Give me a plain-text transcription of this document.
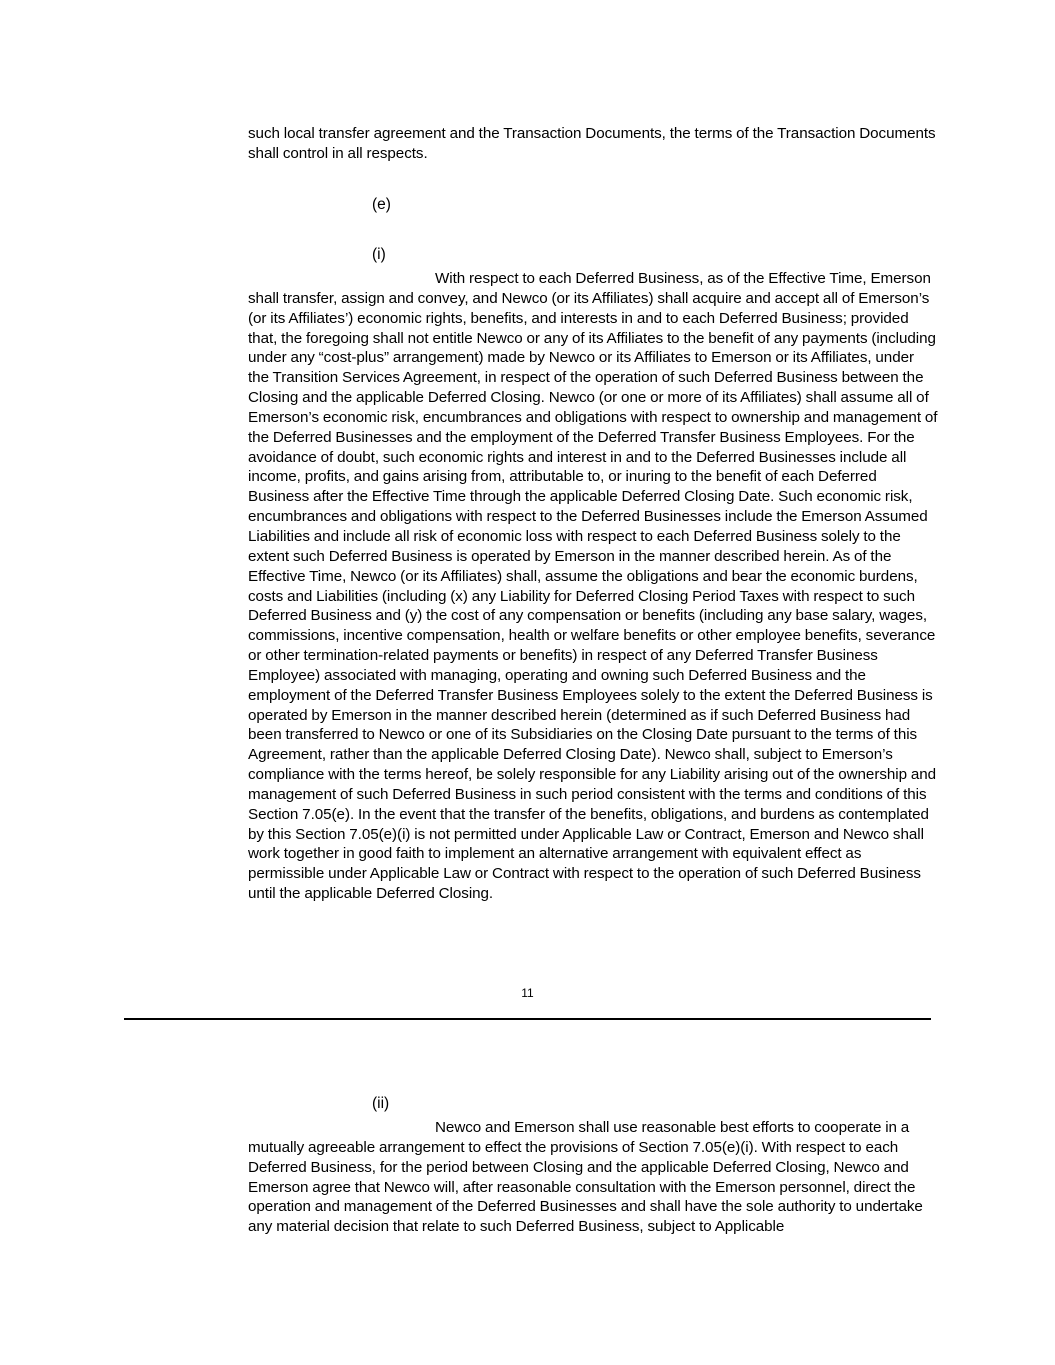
such local transfer agreement and the Transaction Documents, the terms of the Transaction Documents shall control in all respects.

(e)

(i)

With respect to each Deferred Business, as of the Effective Time, Emerson shall transfer, assign and convey, and Newco (or its Affiliates) shall acquire and accept all of Emerson’s (or its Affiliates’) economic rights, benefits, and interests in and to each Deferred Business; provided that, the foregoing shall not entitle Newco or any of its Affiliates to the benefit of any payments (including under any “cost-plus” arrangement) made by Newco or its Affiliates to Emerson or its Affiliates, under the Transition Services Agreement, in respect of the operation of such Deferred Business between the Closing and the applicable Deferred Closing. Newco (or one or more of its Affiliates) shall assume all of Emerson’s economic risk, encumbrances and obligations with respect to ownership and management of the Deferred Businesses and the employment of the Deferred Transfer Business Employees. For the avoidance of doubt, such economic rights and interest in and to the Deferred Businesses include all income, profits, and gains arising from, attributable to, or inuring to the benefit of each Deferred Business after the Effective Time through the applicable Deferred Closing Date. Such economic risk, encumbrances and obligations with respect to the Deferred Businesses include the Emerson Assumed Liabilities and include all risk of economic loss with respect to each Deferred Business solely to the extent such Deferred Business is operated by Emerson in the manner described herein. As of the Effective Time, Newco (or its Affiliates) shall, assume the obligations and bear the economic burdens, costs and Liabilities (including (x) any Liability for Deferred Closing Period Taxes with respect to such Deferred Business and (y) the cost of any compensation or benefits (including any base salary, wages, commissions, incentive compensation, health or welfare benefits or other employee benefits, severance or other termination-related payments or benefits) in respect of any Deferred Transfer Business Employee) associated with managing, operating and owning such Deferred Business and the employment of the Deferred Transfer Business Employees solely to the extent the Deferred Business is operated by Emerson in the manner described herein (determined as if such Deferred Business had been transferred to Newco or one of its Subsidiaries on the Closing Date pursuant to the terms of this Agreement, rather than the applicable Deferred Closing Date). Newco shall, subject to Emerson’s compliance with the terms hereof, be solely responsible for any Liability arising out of the ownership and management of such Deferred Business in such period consistent with the terms and conditions of this Section 7.05(e). In the event that the transfer of the benefits, obligations, and burdens as contemplated by this Section 7.05(e)(i) is not permitted under Applicable Law or Contract, Emerson and Newco shall work together in good faith to implement an alternative arrangement with equivalent effect as permissible under Applicable Law or Contract with respect to the operation of such Deferred Business until the applicable Deferred Closing.

11

(ii)

Newco and Emerson shall use reasonable best efforts to cooperate in a mutually agreeable arrangement to effect the provisions of Section 7.05(e)(i). With respect to each Deferred Business, for the period between Closing and the applicable Deferred Closing, Newco and Emerson agree that Newco will, after reasonable consultation with the Emerson personnel, direct the operation and management of the Deferred Businesses and shall have the sole authority to undertake any material decision that relate to such Deferred Business, subject to Applicable
